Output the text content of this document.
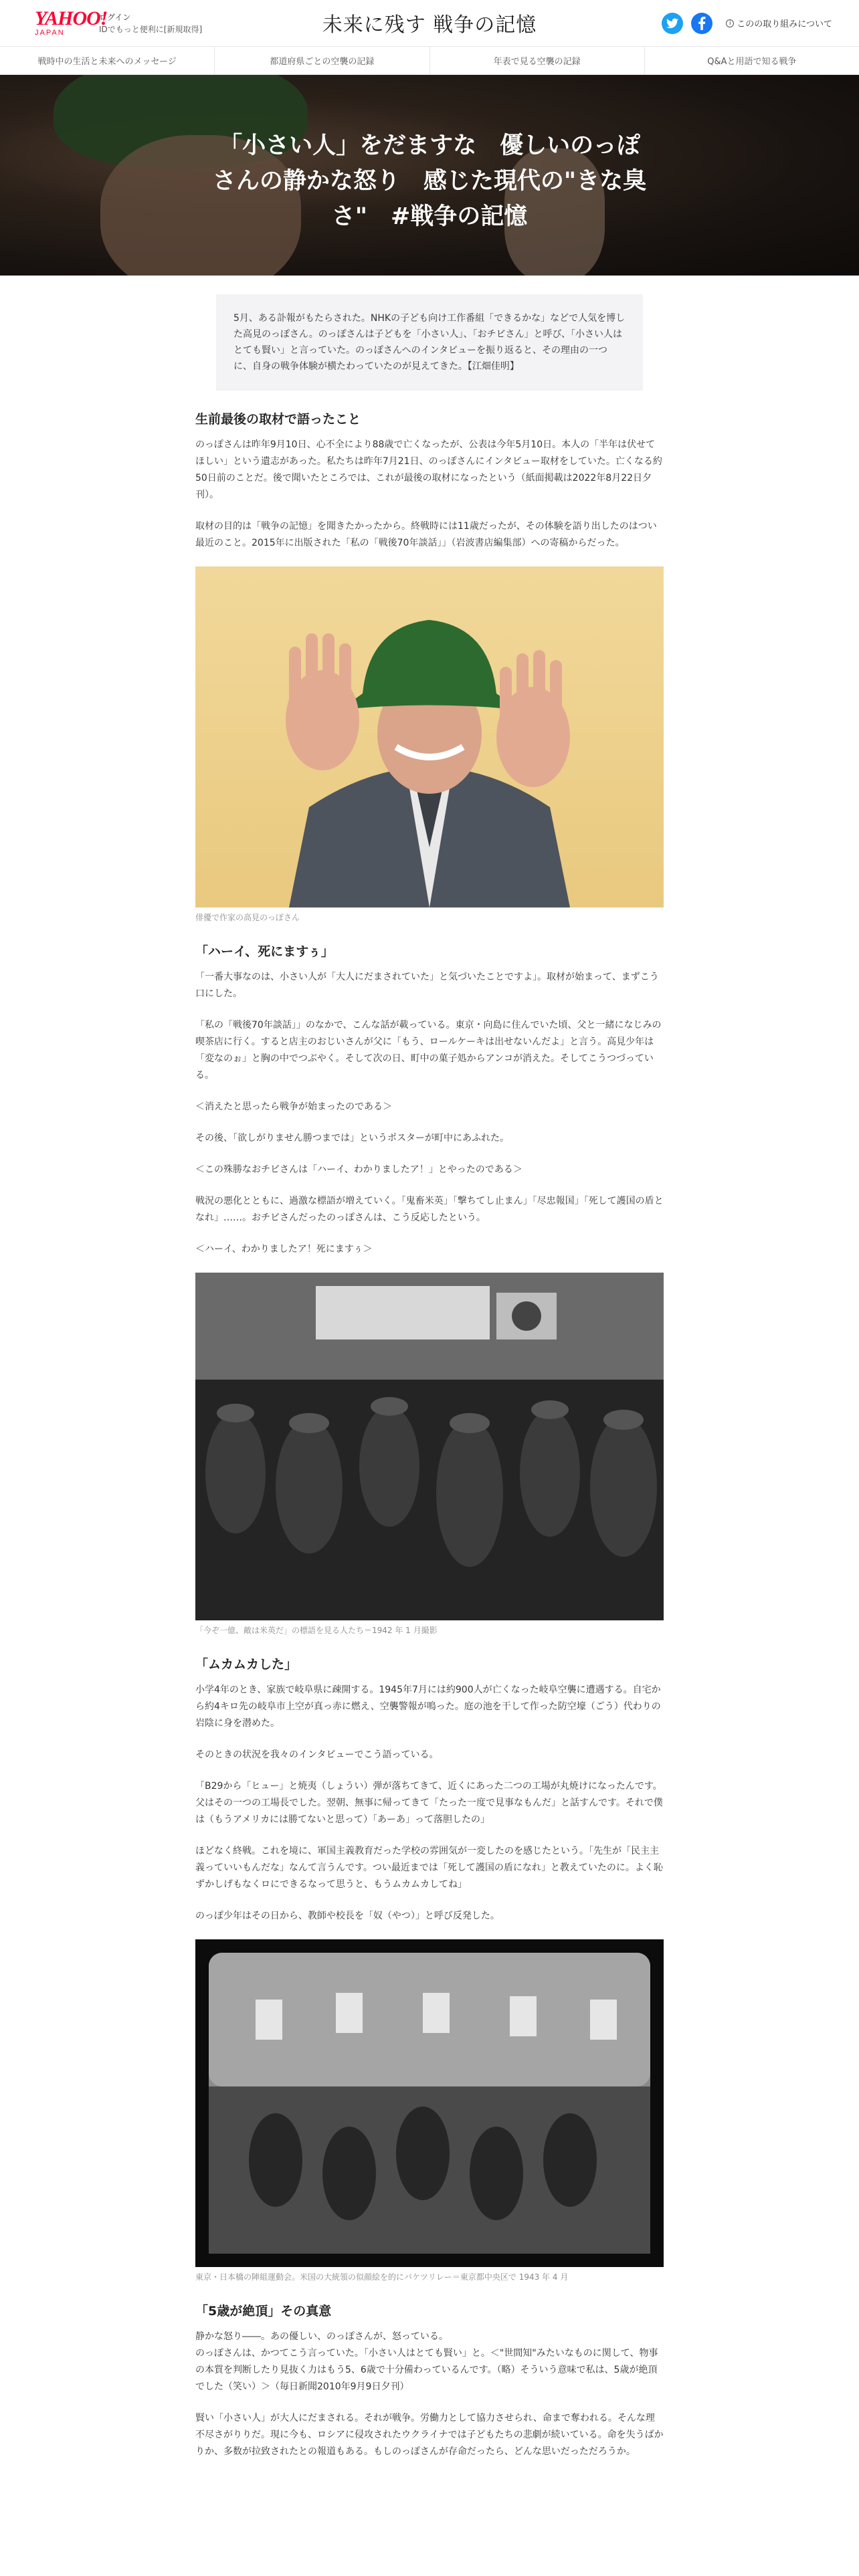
YAHOO!
JAPAN
ログイン
IDでもっと便利に[新規取得]	未来に残す 戦争の記憶	i このの取り組みについて
戦時中の生活と未来へのメッセージ	都道府県ごとの空襲の記録	年表で見る空襲の記録	Q&Aと用語で知る戦争
「小さい人」をだますな　優しいのっぽさんの静かな怒り　感じた現代の"きな臭さ"　#戦争の記憶
5月、ある訃報がもたらされた。NHKの子ども向け工作番組「できるかな」などで人気を博した高見のっぽさん。のっぽさんは子どもを「小さい人」、「おチビさん」と呼び、「小さい人はとても賢い」と言っていた。のっぽさんへのインタビューを振り返ると、その理由の一つに、自身の戦争体験が横たわっていたのが見えてきた。【江畑佳明】
生前最後の取材で語ったこと

のっぽさんは昨年9月10日、心不全により88歳で亡くなったが、公表は今年5月10日。本人の「半年は伏せてほしい」という遺志があった。私たちは昨年7月21日、のっぽさんにインタビュー取材をしていた。亡くなる約50日前のことだ。後で聞いたところでは、これが最後の取材になったという（紙面掲載は2022年8月22日夕刊）。

取材の目的は「戦争の記憶」を聞きたかったから。終戦時には11歳だったが、その体験を語り出したのはつい最近のこと。2015年に出版された「私の「戦後70年談話」」（岩波書店編集部）への寄稿からだった。

俳優で作家の高見のっぽさん
「ハーイ、死にますぅ」

「一番大事なのは、小さい人が「大人にだまされていた」と気づいたことですよ」。取材が始まって、まずこう口にした。

「私の「戦後70年談話」」のなかで、こんな話が載っている。東京・向島に住んでいた頃、父と一緒になじみの喫茶店に行く。すると店主のおじいさんが父に「もう、ロールケーキは出せないんだよ」と言う。高見少年は「変なのぉ」と胸の中でつぶやく。そして次の日、町中の菓子処からアンコが消えた。そしてこうつづっている。

＜消えたと思ったら戦争が始まったのである＞

その後、「欲しがりません勝つまでは」というポスターが町中にあふれた。

＜この殊勝なおチビさんは「ハーイ、わかりましたア！」とやったのである＞

戦況の悪化とともに、過激な標語が増えていく。「鬼畜米英」「撃ちてし止まん」「尽忠報国」「死して護国の盾となれ」……。おチビさんだったのっぽさんは、こう反応したという。

＜ハーイ、わかりましたア！死にますぅ＞

「今ぞ一億、敵は米英だ」の標語を見る人たち＝1942 年 1 月撮影
「ムカムカした」

小学4年のとき、家族で岐阜県に疎開する。1945年7月には約900人が亡くなった岐阜空襲に遭遇する。自宅から約4キロ先の岐阜市上空が真っ赤に燃え、空襲警報が鳴った。庭の池を干して作った防空壕（ごう）代わりの岩陰に身を潜めた。

そのときの状況を我々のインタビューでこう語っている。

「B29から「ヒュー」と焼夷（しょうい）弾が落ちてきて、近くにあった二つの工場が丸焼けになったんです。父はその一つの工場長でした。翌朝、無事に帰ってきて「たった一度で見事なもんだ」と話すんです。それで僕は（もうアメリカには勝てないと思って）「あーあ」って落胆したの」

ほどなく終戦。これを境に、軍国主義教育だった学校の雰囲気が一変したのを感じたという。「先生が「民主主義っていいもんだな」なんて言うんです。つい最近までは「死して護国の盾になれ」と教えていたのに。よく恥ずかしげもなくロにできるなって思うと、もうムカムカしてね」

のっぽ少年はその日から、教師や校長を「奴（やつ）」と呼び反発した。

東京・日本橋の陣組運動会。米国の大統領の似顔絵を的にバケツリレー＝東京都中央区で 1943 年 4 月
「5歳が絶頂」その真意

静かな怒り――。あの優しい、のっぽさんが、怒っている。
のっぽさんは、かつてこう言っていた。「小さい人はとても賢い」と。＜"世間知"みたいなものに関して、物事の本質を判断したり見抜く力はもう5、6歳で十分備わっているんです。（略）そういう意味で私は、5歳が絶頂でした（笑い）＞（毎日新聞2010年9月9日夕刊）

賢い「小さい人」が大人にだまされる。それが戦争。労働力として協力させられ、命まで奪われる。そんな理不尽さがりりだ。現に今も、ロシアに侵攻されたウクライナでは子どもたちの悲劇が続いている。命を失うばかりか、多数が拉致されたとの報道もある。もしのっぽさんが存命だったら、どんな思いだっただろうか。
